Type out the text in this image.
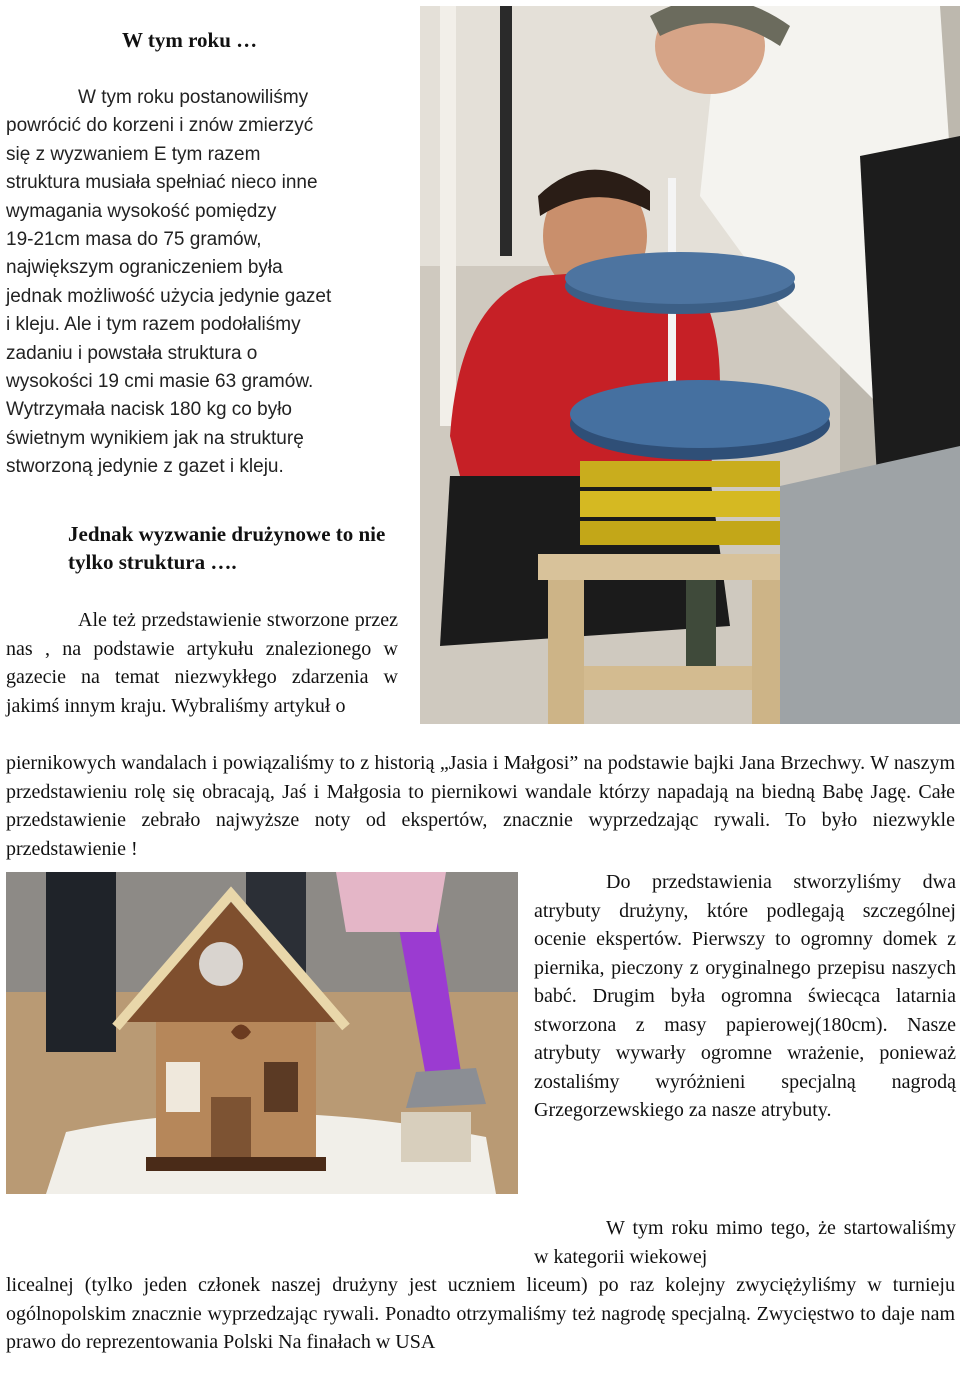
W tym roku …
W tym roku postanowiliśmy
powrócić do korzeni i znów zmierzyć
się z wyzwaniem E tym razem
struktura musiała spełniać nieco inne
wymagania wysokość pomiędzy
19-21cm masa do 75 gramów,
największym ograniczeniem była
jednak możliwość użycia jedynie gazet
i kleju. Ale i tym razem podołaliśmy
zadaniu i powstała struktura o
wysokości 19 cmi masie 63 gramów.
Wytrzymała nacisk 180 kg co było
świetnym wynikiem jak na strukturę
stworzoną jedynie z gazet i kleju.
Jednak wyzwanie drużynowe to nie tylko struktura ….
Ale też przedstawienie stworzone przez nas , na podstawie artykułu znalezionego w gazecie na temat niezwykłego zdarzenia w jakimś innym kraju. Wybraliśmy artykuł o
piernikowych wandalach i powiązaliśmy to z historią „Jasia i Małgosi” na podstawie bajki Jana Brzechwy. W naszym przedstawieniu rolę się obracają, Jaś i Małgosia to piernikowi wandale którzy napadają na biedną Babę Jagę. Całe przedstawienie zebrało najwyższe noty od ekspertów, znacznie wyprzedzając rywali. To było niezwykle przedstawienie !
Do przedstawienia stworzyliśmy dwa atrybuty drużyny, które podlegają szczególnej ocenie ekspertów. Pierwszy to ogromny domek z piernika, pieczony z oryginalnego przepisu naszych babć. Drugim była ogromna świecąca latarnia stworzona z masy papierowej(180cm). Nasze atrybuty wywarły ogromne wrażenie, ponieważ zostaliśmy wyróżnieni specjalną nagrodą Grzegorzewskiego za nasze atrybuty.
W tym roku mimo tego, że startowaliśmy w kategorii wiekowej
licealnej (tylko jeden członek naszej drużyny jest uczniem liceum) po raz kolejny zwyciężyliśmy w turnieju ogólnopolskim znacznie wyprzedzając rywali. Ponadto otrzymaliśmy też nagrodę specjalną. Zwycięstwo to daje nam prawo do reprezentowania Polski Na finałach w USA
